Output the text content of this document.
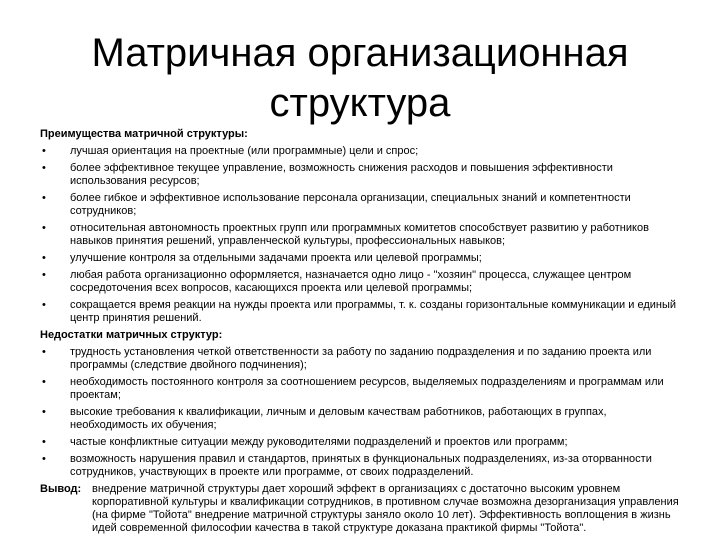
Матричная организационная структура
Преимущества матричной структуры:
• лучшая ориентация на проектные (или программные) цели и спрос;
• более эффективное текущее управление, возможность снижения расходов и повышения эффективности использования ресурсов;
• более гибкое и эффективное использование персонала организации, специальных знаний и компетентности сотрудников;
• относительная автономность проектных групп или программных комитетов способствует развитию у работников навыков принятия решений, управленческой культуры, профессиональных навыков;
• улучшение контроля за отдельными задачами проекта или целевой программы;
• любая работа организационно оформляется, назначается одно лицо - "хозяин" процесса, служащее центром сосредоточения всех вопросов, касающихся проекта или целевой программы;
• сокращается время реакции на нужды проекта или программы, т. к. созданы горизонтальные коммуникации и единый центр принятия решений.
Недостатки матричных структур:
• трудность установления четкой ответственности за работу по заданию подразделения и по заданию проекта или программы (следствие двойного подчинения);
• необходимость постоянного контроля за соотношением ресурсов, выделяемых подразделениям и программам или проектам;
• высокие требования к квалификации, личным и деловым качествам работников, работающих в группах, необходимость их обучения;
• частые конфликтные ситуации между руководителями подразделений и проектов или программ;
• возможность нарушения правил и стандартов, принятых в функциональных подразделениях, из-за оторванности сотрудников, участвующих в проекте или программе, от своих подразделений.
Вывод: внедрение матричной структуры дает хороший эффект в организациях с достаточно высоким уровнем корпоративной культуры и квалификации сотрудников, в противном случае возможна дезорганизация управления (на фирме "Тойота" внедрение матричной структуры заняло около 10 лет). Эффективность воплощения в жизнь идей современной философии качества в такой структуре доказана практикой фирмы "Тойота".
